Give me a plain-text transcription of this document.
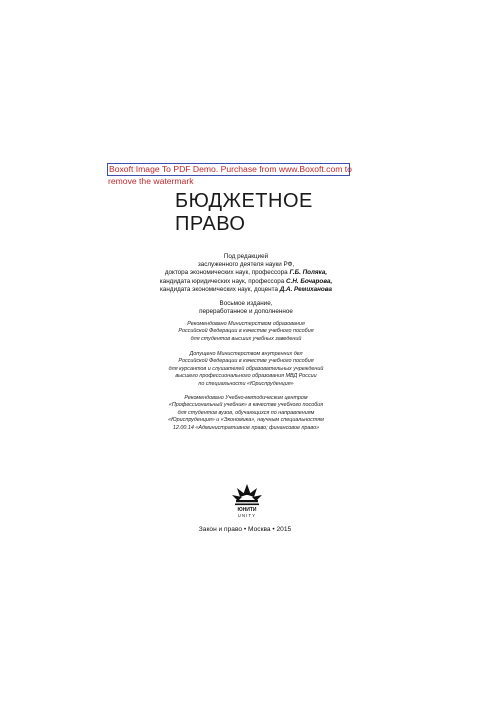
Boxoft Image To PDF Demo. Purchase from www.Boxoft.com to
remove the watermark
БЮДЖЕТНОЕ
ПРАВО
Под редакцией
заслуженного деятеля науки РФ,
доктора экономических наук, профессора Г.Б. Поляка,
кандидата юридических наук, профессора С.Н. Бочарова,
кандидата экономических наук, доцента Д.А. Ремиханова
Восьмое издание,
переработанное и дополненное
Рекомендовано Министерством образования
Российской Федерации в качестве учебного пособия
для студентов высших учебных заведений
Допущено Министерством внутренних дел
Российской Федерации в качестве учебного пособия
для курсантов и слушателей образовательных учреждений
высшего профессионального образования МВД России
по специальности «Юриспруденция»
Рекомендовано Учебно-методическим центром
«Профессиональный учебник» в качестве учебного пособия
для студентов вузов, обучающихся по направлениям
«Юриспруденция» и «Экономика», научным специальностям
12.00.14 «Административное право; финансовое право»
ЮНИТИ
UNITY
Закон и право • Москва • 2015
